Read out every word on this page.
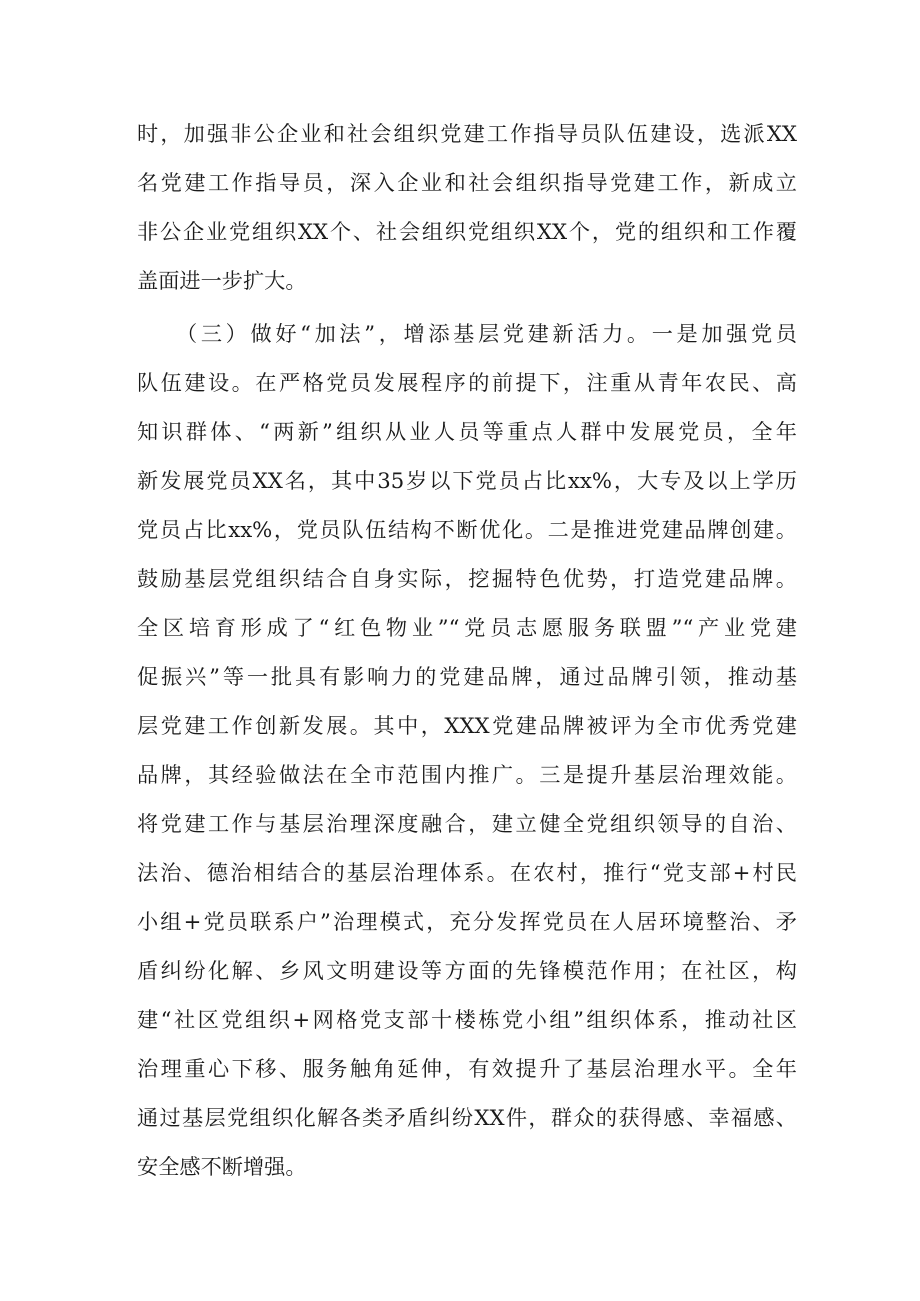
时，加强非公企业和社会组织党建工作指导员队伍建设，选派XX
名党建工作指导员，深入企业和社会组织指导党建工作，新成立
非公企业党组织XX个、社会组织党组织XX个，党的组织和工作覆
盖面进一步扩大。
　　（三）做好“加法”，增添基层党建新活力。一是加强党员
队伍建设。在严格党员发展程序的前提下，注重从青年农民、高
知识群体、“两新”组织从业人员等重点人群中发展党员，全年
新发展党员XX名，其中35岁以下党员占比xx%，大专及以上学历
党员占比xx%，党员队伍结构不断优化。二是推进党建品牌创建。
鼓励基层党组织结合自身实际，挖掘特色优势，打造党建品牌。
全区培育形成了“红色物业”“党员志愿服务联盟”“产业党建
促振兴”等一批具有影响力的党建品牌，通过品牌引领，推动基
层党建工作创新发展。其中，XXX党建品牌被评为全市优秀党建
品牌，其经验做法在全市范围内推广。三是提升基层治理效能。
将党建工作与基层治理深度融合，建立健全党组织领导的自治、
法治、德治相结合的基层治理体系。在农村，推行“党支部+村民
小组+党员联系户”治理模式，充分发挥党员在人居环境整治、矛
盾纠纷化解、乡风文明建设等方面的先锋模范作用；在社区，构
建“社区党组织+网格党支部十楼栋党小组”组织体系，推动社区
治理重心下移、服务触角延伸，有效提升了基层治理水平。全年
通过基层党组织化解各类矛盾纠纷XX件，群众的获得感、幸福感、
安全感不断增强。
